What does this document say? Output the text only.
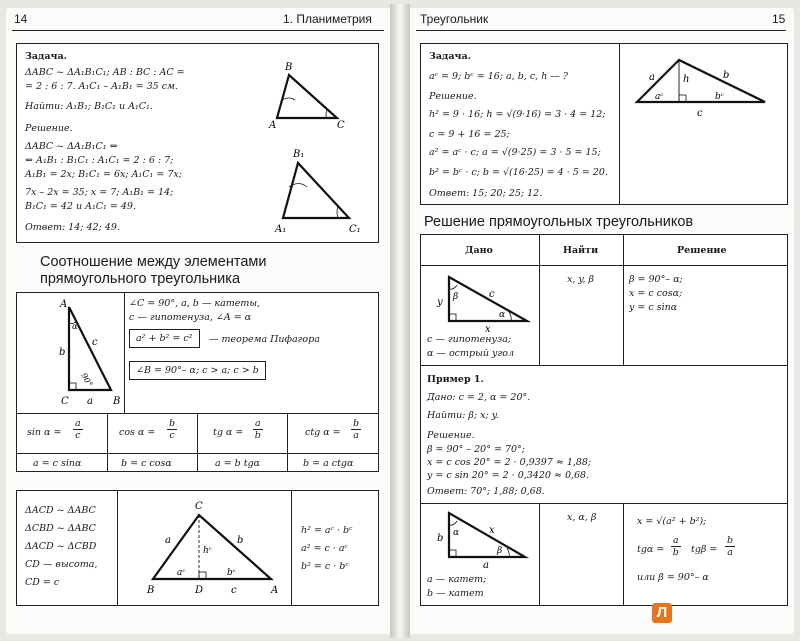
14	1. Планиметрия
Задача.
ΔABC ~ ΔA₁B₁C₁; AB : BC : AC =
= 2 : 6 : 7. A₁C₁ – A₁B₁ = 35 см.
Найти: A₁B₁; B₁C₁ и A₁C₁.
Решение.
ΔABC ~ ΔA₁B₁C₁ ⇔
⇔ A₁B₁ : B₁C₁ : A₁C₁ = 2 : 6 : 7;
A₁B₁ = 2x; B₁C₁ = 6x; A₁C₁ = 7x;
7x – 2x = 35; x = 7; A₁B₁ = 14;
B₁C₁ = 42 и A₁C₁ = 49.
Ответ: 14; 42; 49.
B
A	C
B₁
A₁	C₁
Соотношение между элементами
прямоугольного треугольника
A
α
b
c
90°
C a B
∠C = 90°, a, b — катеты,
c — гипотенуза, ∠A = α
a² + b² = c²	— теорема Пифагора
∠B = 90°– α; c > a; c > b
$\sin \alpha = \frac{a}{c}$	$\cos \alpha = \frac{b}{c}$	tg $\alpha = \frac{a}{b}$	ctg $\alpha = \frac{b}{a}$
a = c sinα	b = c cosα	a = b tgα	b = a ctgα
ΔACD ~ ΔABC
ΔCBD ~ ΔABC
ΔACD ~ ΔCBD
CD — высота,
CD = c
C
a	b
hᶜ
aᶜ	bᶜ
B	D	c	A
h² = aᶜ · bᶜ
a² = c · aᶜ
b² = c · bᶜ
Треугольник	15
Задача.
aᶜ = 9; bᶜ = 16; a, b, c, h — ?
Решение.
h² = 9 · 16; h = √(9·16) = 3 · 4 = 12;
c = 9 + 16 = 25;
a² = aᶜ · c; a = √(9·25) = 3 · 5 = 15;
b² = bᶜ · c; b = √(16·25) = 4 · 5 = 20.
Ответ: 15; 20; 25; 12.
a	h	b
aᶜ	bᶜ
c
Решение прямоугольных треугольников
Дано	Найти	Решение
β
y
c
α
x
c — гипотенуза;
α — острый угол
x, y, β	β = 90°– α;
x = c cosα;
y = c sinα
Пример 1.
Дано: c = 2, α = 20°.
Найти: β; x; y.
Решение.
β = 90° – 20° = 70°;
x = c cos 20° = 2 · 0,9397 ≈ 1,88;
y = c sin 20° = 2 · 0,3420 ≈ 0,68.
Ответ: 70°; 1,88; 0,68.
α
b
x
β
a
a — катет;
b — катет
x, α, β	x = √(a² + b²);
$tg\alpha = \frac{a}{b}$ $tg\beta = \frac{b}{a}$
или β = 90°– α
Л
